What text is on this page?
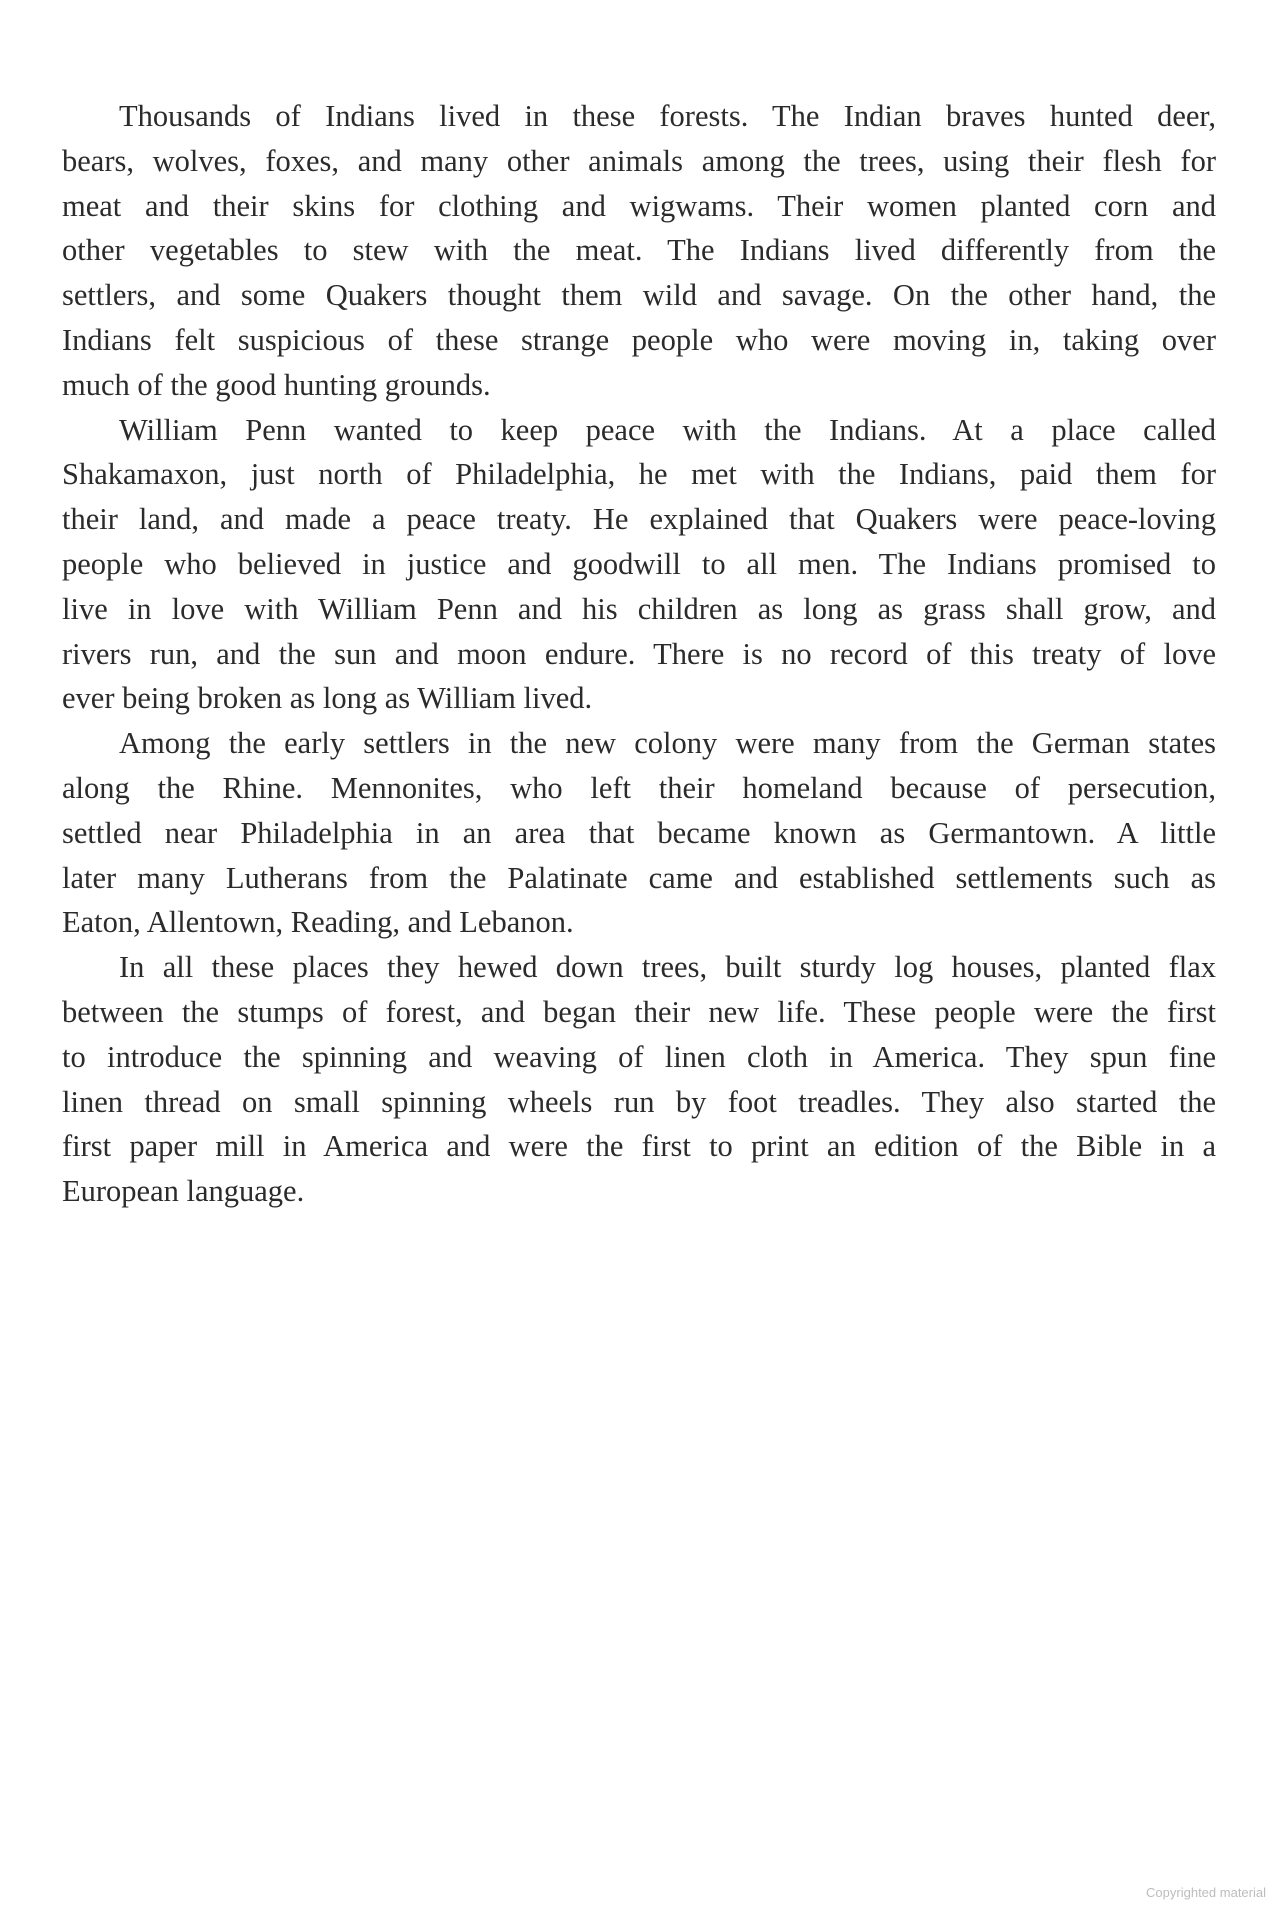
Thousands of Indians lived in these forests. The Indian braves hunted deer,
bears, wolves, foxes, and many other animals among the trees, using their flesh for
meat and their skins for clothing and wigwams. Their women planted corn and
other vegetables to stew with the meat. The Indians lived differently from the
settlers, and some Quakers thought them wild and savage. On the other hand, the
Indians felt suspicious of these strange people who were moving in, taking over
much of the good hunting grounds.
William Penn wanted to keep peace with the Indians. At a place called
Shakamaxon, just north of Philadelphia, he met with the Indians, paid them for
their land, and made a peace treaty. He explained that Quakers were peace-loving
people who believed in justice and goodwill to all men. The Indians promised to
live in love with William Penn and his children as long as grass shall grow, and
rivers run, and the sun and moon endure. There is no record of this treaty of love
ever being broken as long as William lived.
Among the early settlers in the new colony were many from the German states
along the Rhine. Mennonites, who left their homeland because of persecution,
settled near Philadelphia in an area that became known as Germantown. A little
later many Lutherans from the Palatinate came and established settlements such as
Eaton, Allentown, Reading, and Lebanon.
In all these places they hewed down trees, built sturdy log houses, planted flax
between the stumps of forest, and began their new life. These people were the first
to introduce the spinning and weaving of linen cloth in America. They spun fine
linen thread on small spinning wheels run by foot treadles. They also started the
first paper mill in America and were the first to print an edition of the Bible in a
European language.
Copyrighted material
